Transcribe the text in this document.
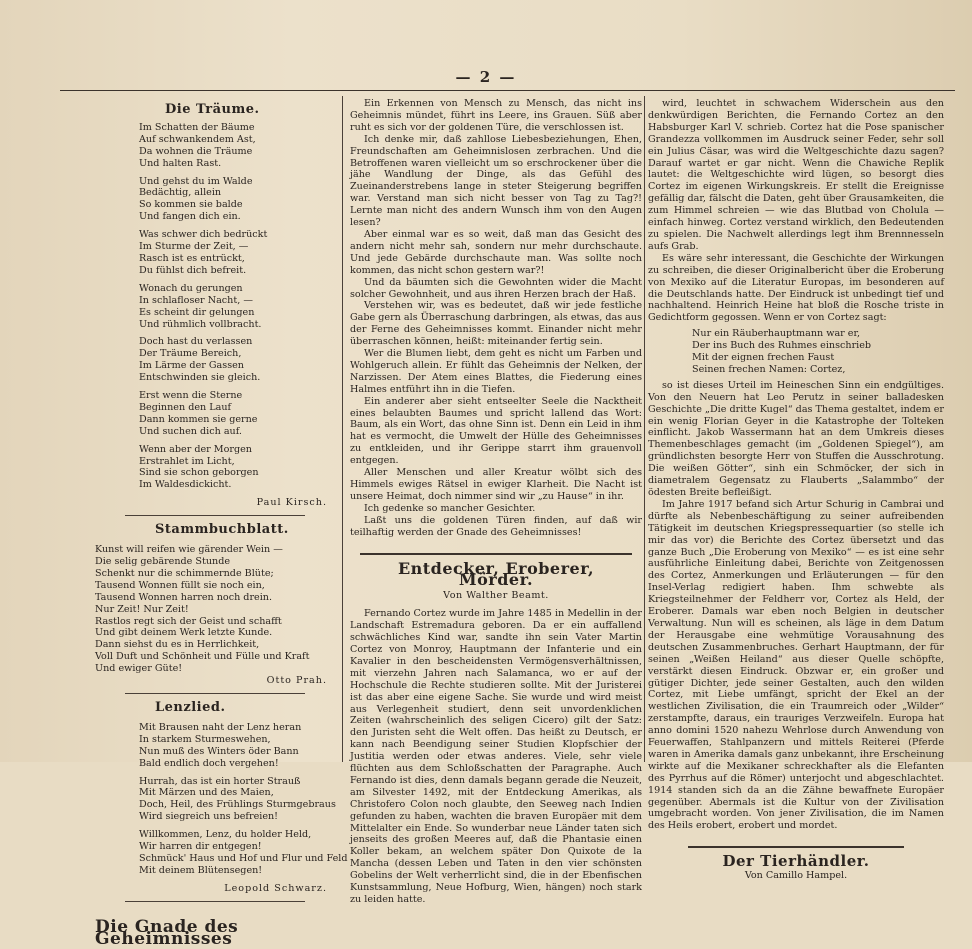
— 2 —
Die Träume.
Im Schatten der Bäume
Auf schwankendem Ast,
Da wohnen die Träume
Und halten Rast.
Und gehst du im Walde
Bedächtig, allein
So kommen sie balde
Und fangen dich ein.
Was schwer dich bedrückt
Im Sturme der Zeit, —
Rasch ist es entrückt,
Du fühlst dich befreit.
Wonach du gerungen
In schlafloser Nacht, —
Es scheint dir gelungen
Und rühmlich vollbracht.
Doch hast du verlassen
Der Träume Bereich,
Im Lärme der Gassen
Entschwinden sie gleich.
Erst wenn die Sterne
Beginnen den Lauf
Dann kommen sie gerne
Und suchen dich auf.
Wenn aber der Morgen
Erstrahlet im Licht,
Sind sie schon geborgen
Im Waldesdickicht.
Paul Kirsch.
Stammbuchblatt.
Kunst will reifen wie gärender Wein —
Die selig gebärende Stunde
Schenkt nur die schimmernde Blüte;
Tausend Wonnen füllt sie noch ein,
Tausend Wonnen harren noch drein.
Nur Zeit! Nur Zeit!
Rastlos regt sich der Geist und schafft
Und gibt deinem Werk letzte Kunde.
Dann siehst du es in Herrlichkeit,
Voll Duft und Schönheit und Fülle und Kraft
Und ewiger Güte!
Otto Prah.
Lenzlied.
Mit Brausen naht der Lenz heran
In starkem Sturmeswehen,
Nun muß des Winters öder Bann
Bald endlich doch vergehen!
Hurrah, das ist ein horter Strauß
Mit Märzen und des Maien,
Doch, Heil, des Frühlings Sturmgebraus
Wird siegreich uns befreien!
Willkommen, Lenz, du holder Held,
Wir harren dir entgegen!
Schmück' Haus und Hof und Flur und Feld
Mit deinem Blütensegen!
Leopold Schwarz.
Die Gnade des Geheimnisses

Ein Erkennen von Mensch zu Mensch, das nicht ins Geheimnis mündet, führt ins Leere, ins Grauen. Süß aber ruht es sich vor der goldenen Türe, die verschlossen ist.

Ich denke mir, daß zahllose Liebesbeziehungen, Ehen, Freundschaften am Geheimnislosen zerbrachen. Und die Betroffenen waren vielleicht um so erschrockener über die jähe Wandlung der Dinge, als das Gefühl des Zueinanderstrebens lange in steter Steigerung begriffen war. Verstand man sich nicht besser von Tag zu Tag?! Lernte man nicht des andern Wunsch ihm von den Augen lesen?

Aber einmal war es so weit, daß man das Gesicht des andern nicht mehr sah, sondern nur mehr durchschaute. Und jede Gebärde durchschaute man. Was sollte noch kommen, das nicht schon gestern war?!

Und da bäumten sich die Gewohnten wider die Macht solcher Gewohnheit, und aus ihren Herzen brach der Haß.

Verstehen wir, was es bedeutet, daß wir jede festliche Gabe gern als Überraschung darbringen, als etwas, das aus der Ferne des Geheimnisses kommt. Einander nicht mehr überraschen können, heißt: miteinander fertig sein.

Wer die Blumen liebt, dem geht es nicht um Farben und Wohlgeruch allein. Er fühlt das Geheimnis der Nelken, der Narzissen. Der Atem eines Blattes, die Fiederung eines Halmes entführt ihn in die Tiefen.

Ein anderer aber sieht entseelter Seele die Nacktheit eines belaubten Baumes und spricht lallend das Wort: Baum, als ein Wort, das ohne Sinn ist. Denn ein Leid in ihm hat es vermocht, die Umwelt der Hülle des Geheimnisses zu entkleiden, und ihr Gerippe starrt ihm grauenvoll entgegen.

Aller Menschen und aller Kreatur wölbt sich des Himmels ewiges Rätsel in ewiger Klarheit. Die Nacht ist unsere Heimat, doch nimmer sind wir „zu Hause“ in ihr.

Ich gedenke so mancher Gesichter.

Laßt uns die goldenen Türen finden, auf daß wir teilhaftig werden der Gnade des Geheimnisses!

Entdecker, Eroberer, Mörder.
Von Walther Beamt.

Fernando Cortez wurde im Jahre 1485 in Medellin in der Landschaft Estremadura geboren. Da er ein auffallend schwächliches Kind war, sandte ihn sein Vater Martin Cortez von Monroy, Hauptmann der Infanterie und ein Kavalier in den bescheidensten Vermögensverhältnissen, mit vierzehn Jahren nach Salamanca, wo er auf der Hochschule die Rechte studieren sollte. Mit der Juristerei ist das aber eine eigene Sache. Sie wurde und wird meist aus Verlegenheit studiert, denn seit unvordenklichen Zeiten (wahrscheinlich des seligen Cicero) gilt der Satz: den Juristen seht die Welt offen. Das heißt zu Deutsch, er kann nach Beendigung seiner Studien Klopfschier der Justitia werden oder etwas anderes. Viele, sehr viele flüchten aus dem Schloßschatten der Paragraphe. Auch Fernando ist dies, denn damals begann gerade die Neuzeit, am Silvester 1492, mit der Entdeckung Amerikas, als Christofero Colon noch glaubte, den Seeweg nach Indien gefunden zu haben, wachten die braven Europäer mit dem Mittelalter ein Ende. So wunderbar neue Länder taten sich jenseits des großen Meeres auf, daß die Phantasie einen Koller bekam, an welchem später Don Quixote de la Mancha (dessen Leben und Taten in den vier schönsten Gobelins der Welt verherrlicht sind, die in der Ebenfischen Kunstsammlung, Neue Hofburg, Wien, hängen) noch stark zu leiden hatte.

wird, leuchtet in schwachem Widerschein aus den denkwürdigen Berichten, die Fernando Cortez an den Habsburger Karl V. schrieb. Cortez hat die Pose spanischer Grandezza vollkommen im Ausdruck seiner Feder, sehr soll ein Julius Cäsar, was wird die Weltgeschichte dazu sagen? Darauf wartet er gar nicht. Wenn die Chawiche Replik lautet: die Weltgeschichte wird lügen, so besorgt dies Cortez im eigenen Wirkungskreis. Er stellt die Ereignisse gefällig dar, fälscht die Daten, geht über Grausamkeiten, die zum Himmel schreien — wie das Blutbad von Cholula — einfach hinweg. Cortez verstand wirklich, den Bedeutenden zu spielen. Die Nachwelt allerdings legt ihm Brennnesseln aufs Grab.

Es wäre sehr interessant, die Geschichte der Wirkungen zu schreiben, die dieser Originalbericht über die Eroberung von Mexiko auf die Literatur Europas, im besonderen auf die Deutschlands hatte. Der Eindruck ist unbedingt tief und nachhaltend. Heinrich Heine hat bloß die Rosche triste in Gedichtform gegossen. Wenn er von Cortez sagt:

Nur ein Räuberhauptmann war er,
Der ins Buch des Ruhmes einschrieb
Mit der eignen frechen Faust
Seinen frechen Namen: Cortez,

so ist dieses Urteil im Heineschen Sinn ein endgültiges. Von den Neuern hat Leo Perutz in seiner balladesken Geschichte „Die dritte Kugel“ das Thema gestaltet, indem er ein wenig Florian Geyer in die Katastrophe der Tolteken einflicht. Jakob Wassermann hat an dem Umkreis dieses Themenbeschlages gemacht (im „Goldenen Spiegel“), am gründlichsten besorgte Herr von Stuffen die Ausschrotung. Die weißen Götter“, sinh ein Schmöcker, der sich in diametralem Gegensatz zu Flauberts „Salammbo“ der ödesten Breite befleißigt.

Im Jahre 1917 befand sich Artur Schurig in Cambrai und dürfte als Nebenbeschäftigung zu seiner aufreibenden Tätigkeit im deutschen Kriegspressequartier (so stelle ich mir das vor) die Berichte des Cortez übersetzt und das ganze Buch „Die Eroberung von Mexiko“ — es ist eine sehr ausführliche Einleitung dabei, Berichte von Zeitgenossen des Cortez, Anmerkungen und Erläuterungen — für den Insel-Verlag redigiert haben. Ihm schwebte als Kriegsteilnehmer der Feldherr vor, Cortez als Held, der Eroberer. Damals war eben noch Belgien in deutscher Verwaltung. Nun will es scheinen, als läge in dem Datum der Herausgabe eine wehmütige Vorausahnung des deutschen Zusammenbruches. Gerhart Hauptmann, der für seinen „Weißen Heiland“ aus dieser Quelle schöpfte, verstärkt diesen Eindruck. Obzwar er, ein großer und gütiger Dichter, jede seiner Gestalten, auch den wilden Cortez, mit Liebe umfängt, spricht der Ekel an der westlichen Zivilisation, die ein Traumreich oder „Wilder“ zerstampfte, daraus, ein trauriges Verzweifeln. Europa hat anno domini 1520 nahezu Wehrlose durch Anwendung von Feuerwaffen, Stahlpanzern und mittels Reiterei (Pferde waren in Amerika damals ganz unbekannt, ihre Erscheinung wirkte auf die Mexikaner schreckhafter als die Elefanten des Pyrrhus auf die Römer) unterjocht und abgeschlachtet. 1914 standen sich da an die Zähne bewaffnete Europäer gegenüber. Abermals ist die Kultur von der Zivilisation umgebracht worden. Von jener Zivilisation, die im Namen des Heils erobert, erobert und mordet.

Der Tierhändler.
Von Camillo Hampel.
